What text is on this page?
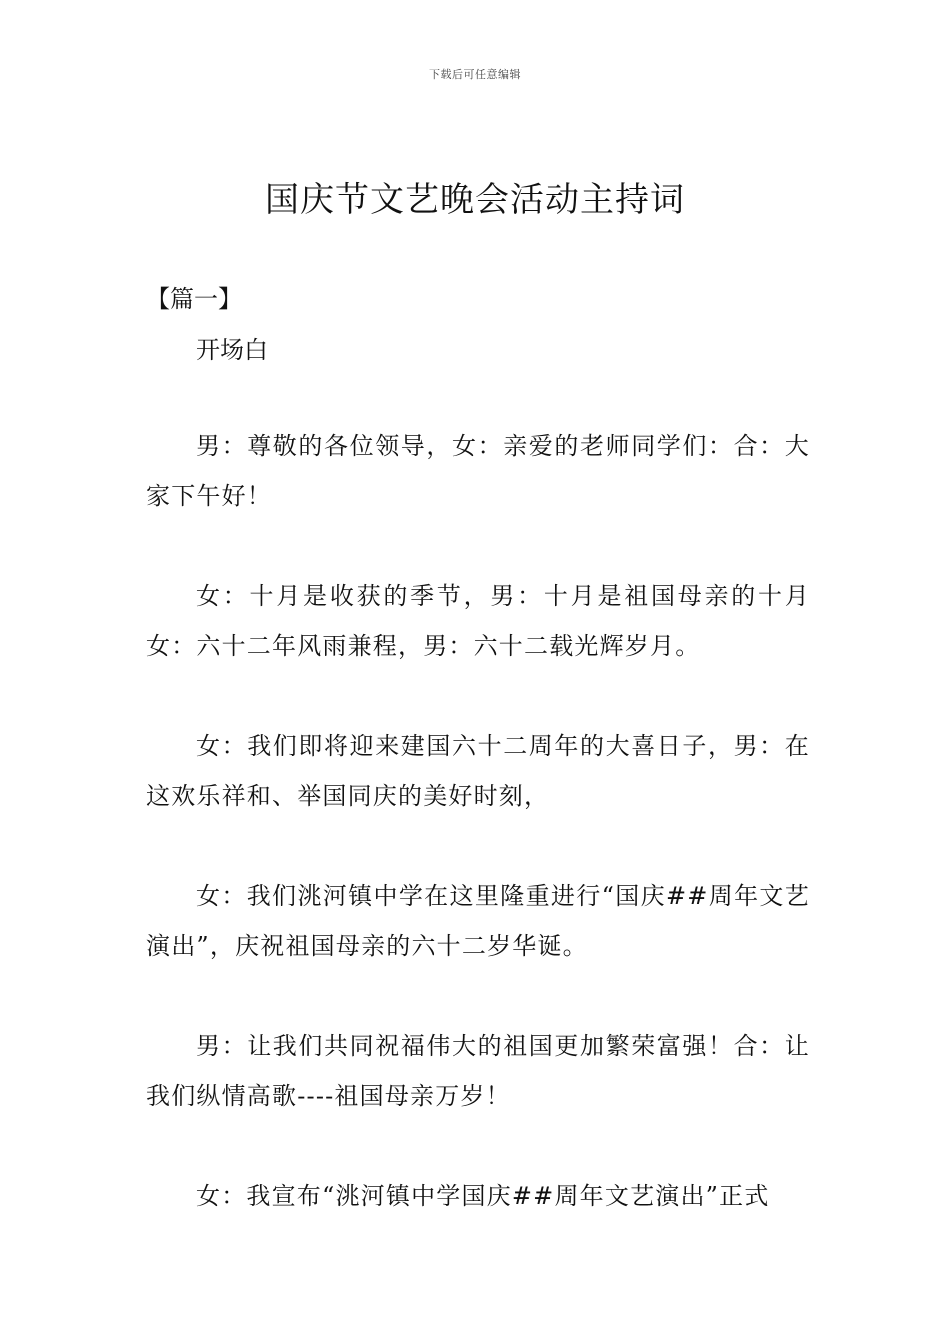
下载后可任意编辑
国庆节文艺晚会活动主持词

【篇一】

开场白

男：尊敬的各位领导，女：亲爱的老师同学们：合：大家下午好！

女：十月是收获的季节，男：十月是祖国母亲的十月女：六十二年风雨兼程，男：六十二载光辉岁月。

女：我们即将迎来建国六十二周年的大喜日子，男：在这欢乐祥和、举国同庆的美好时刻，

女：我们洮河镇中学在这里隆重进行“国庆##周年文艺演出”，庆祝祖国母亲的六十二岁华诞。

男：让我们共同祝福伟大的祖国更加繁荣富强！合：让我们纵情高歌----祖国母亲万岁！

女：我宣布“洮河镇中学国庆##周年文艺演出”正式
